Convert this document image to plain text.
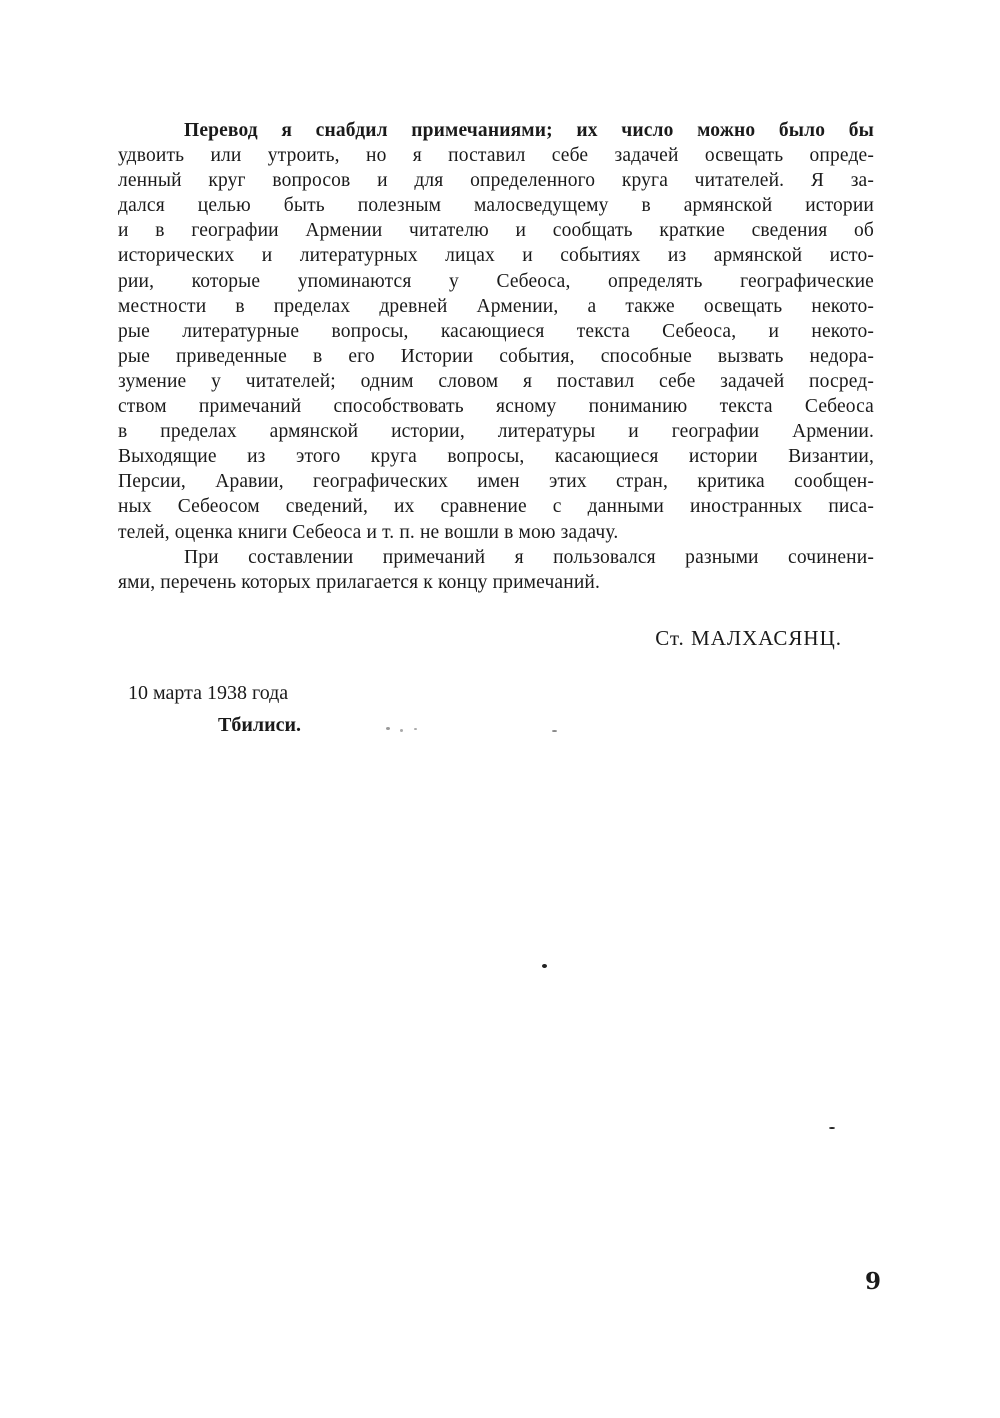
Перевод я снабдил примечаниями; их число можно было бы
удвоить или утроить, но я поставил себе задачей освещать опреде-
ленный круг вопросов и для определенного круга читателей. Я за-
дался целью быть полезным малосведущему в армянской истории
и в географии Армении читателю и сообщать краткие сведения об
исторических и литературных лицах и событиях из армянской исто-
рии, которые упоминаются у Себеоса, определять географические
местности в пределах древней Армении, а также освещать некото-
рые литературные вопросы, касающиеся текста Себеоса, и некото-
рые приведенные в его Истории события, способные вызвать недора-
зумение у читателей; одним словом я поставил себе задачей посред-
ством примечаний способствовать ясному пониманию текста Себеоса
в пределах армянской истории, литературы и географии Армении.
Выходящие из этого круга вопросы, касающиеся истории Византии,
Персии, Аравии, географических имен этих стран, критика сообщен-
ных Себеосом сведений, их сравнение с данными иностранных писа-
телей, оценка книги Себеоса и т. п. не вошли в мою задачу.
При составлении примечаний я пользовался разными сочинени-
ями, перечень которых прилагается к концу примечаний.
Ст. МАЛХАСЯНЦ.
10 марта 1938 года
Тбилиси.
9
